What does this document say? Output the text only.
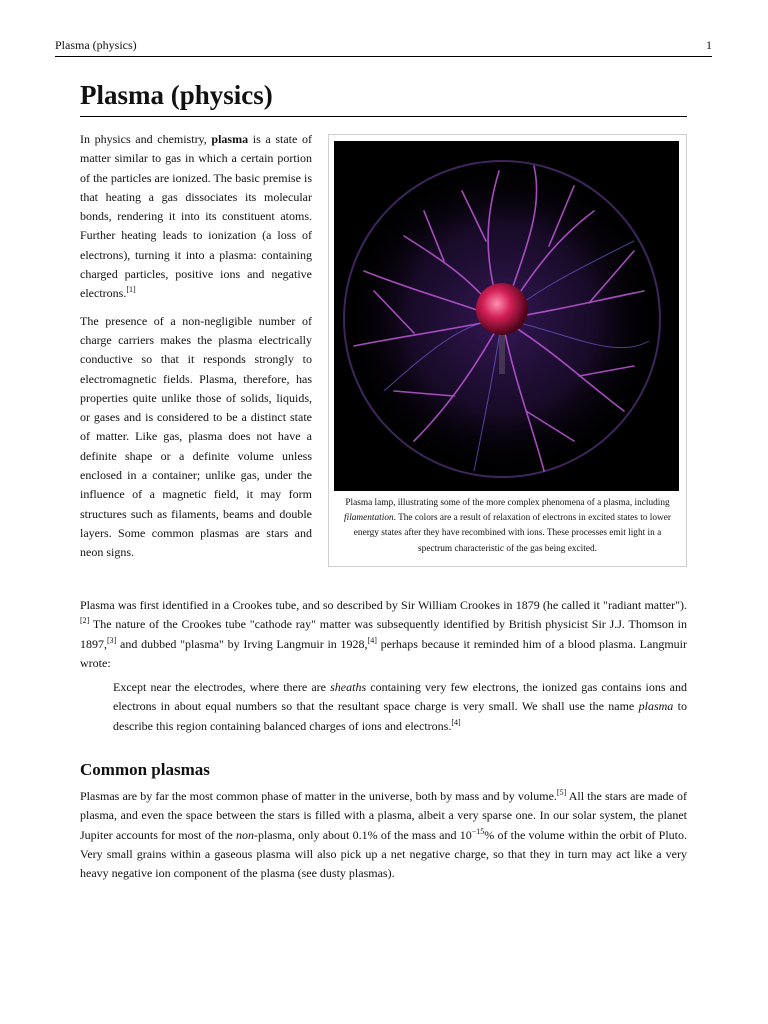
Plasma (physics)	1
Plasma (physics)

In physics and chemistry, plasma is a state of matter similar to gas in which a certain portion of the particles are ionized. The basic premise is that heating a gas dissociates its molecular bonds, rendering it into its constituent atoms. Further heating leads to ionization (a loss of electrons), turning it into a plasma: containing charged particles, positive ions and negative electrons.[1]

The presence of a non-negligible number of charge carriers makes the plasma electrically conductive so that it responds strongly to electromagnetic fields. Plasma, therefore, has properties quite unlike those of solids, liquids, or gases and is considered to be a distinct state of matter. Like gas, plasma does not have a definite shape or a definite volume unless enclosed in a container; unlike gas, under the influence of a magnetic field, it may form structures such as filaments, beams and double layers. Some common plasmas are stars and neon signs.

Plasma lamp, illustrating some of the more complex phenomena of a plasma, including filamentation. The colors are a result of relaxation of electrons in excited states to lower energy states after they have recombined with ions. These processes emit light in a spectrum characteristic of the gas being excited.

Plasma was first identified in a Crookes tube, and so described by Sir William Crookes in 1879 (he called it "radiant matter").[2] The nature of the Crookes tube "cathode ray" matter was subsequently identified by British physicist Sir J.J. Thomson in 1897,[3] and dubbed "plasma" by Irving Langmuir in 1928,[4] perhaps because it reminded him of a blood plasma. Langmuir wrote:

Except near the electrodes, where there are sheaths containing very few electrons, the ionized gas contains ions and electrons in about equal numbers so that the resultant space charge is very small. We shall use the name plasma to describe this region containing balanced charges of ions and electrons.[4]
Common plasmas

Plasmas are by far the most common phase of matter in the universe, both by mass and by volume.[5] All the stars are made of plasma, and even the space between the stars is filled with a plasma, albeit a very sparse one. In our solar system, the planet Jupiter accounts for most of the non-plasma, only about 0.1% of the mass and $10^{-15}\%$ of the volume within the orbit of Pluto. Very small grains within a gaseous plasma will also pick up a net negative charge, so that they in turn may act like a very heavy negative ion component of the plasma (see dusty plasmas).
